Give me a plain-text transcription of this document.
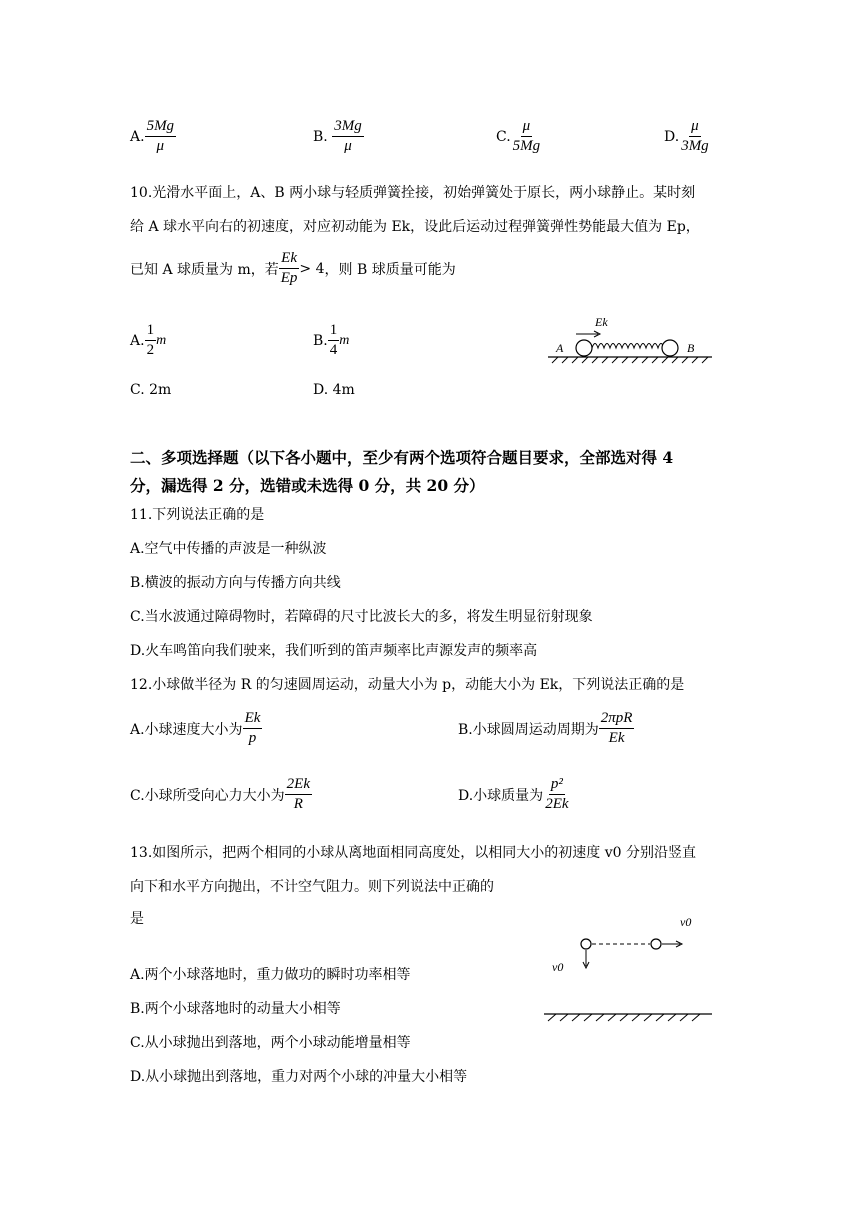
A. $\frac{5Mg}{\mu}$	B. $\frac{3Mg}{\mu}$	C. $\frac{\mu}{5Mg}$	D. $\frac{\mu}{3Mg}$
10.光滑水平面上，A、B 两小球与轻质弹簧拴接，初始弹簧处于原长，两小球静止。某时刻
给 A 球水平向右的初速度，对应初动能为 Ek，设此后运动过程弹簧弹性势能最大值为 Ep，
已知 A 球质量为 m，若 $\frac{Ek}{Ep} > 4$，则 B 球质量可能为
A. $\frac{1}{2}$ m	B. $\frac{1}{4}$ m
C. 2m	D. 4m
Ek
A	B
二、多项选择题（以下各小题中，至少有两个选项符合题目要求，全部选对得 4
分，漏选得 2 分，选错或未选得 0 分，共 20 分）
11.下列说法正确的是
A.空气中传播的声波是一种纵波
B.横波的振动方向与传播方向共线
C.当水波通过障碍物时，若障碍的尺寸比波长大的多，将发生明显衍射现象
D.火车鸣笛向我们驶来，我们听到的笛声频率比声源发声的频率高
12.小球做半径为 R 的匀速圆周运动，动量大小为 p，动能大小为 Ek，下列说法正确的是
A.小球速度大小为 $\frac{Ek}{p}$	B.小球圆周运动周期为 $\frac{\text{2πpR}}{Ek}$
C.小球所受向心力大小为 $\frac{2Ek}{R}$	D.小球质量为 $\frac{\text{p²}}{2Ek}$
13.如图所示，把两个相同的小球从离地面相同高度处，以相同大小的初速度 v0 分别沿竖直
向下和水平方向抛出，不计空气阻力。则下列说法中正确的
是
A.两个小球落地时，重力做功的瞬时功率相等
B.两个小球落地时的动量大小相等
C.从小球抛出到落地，两个小球动能增量相等
D.从小球抛出到落地，重力对两个小球的冲量大小相等
v0
v0
